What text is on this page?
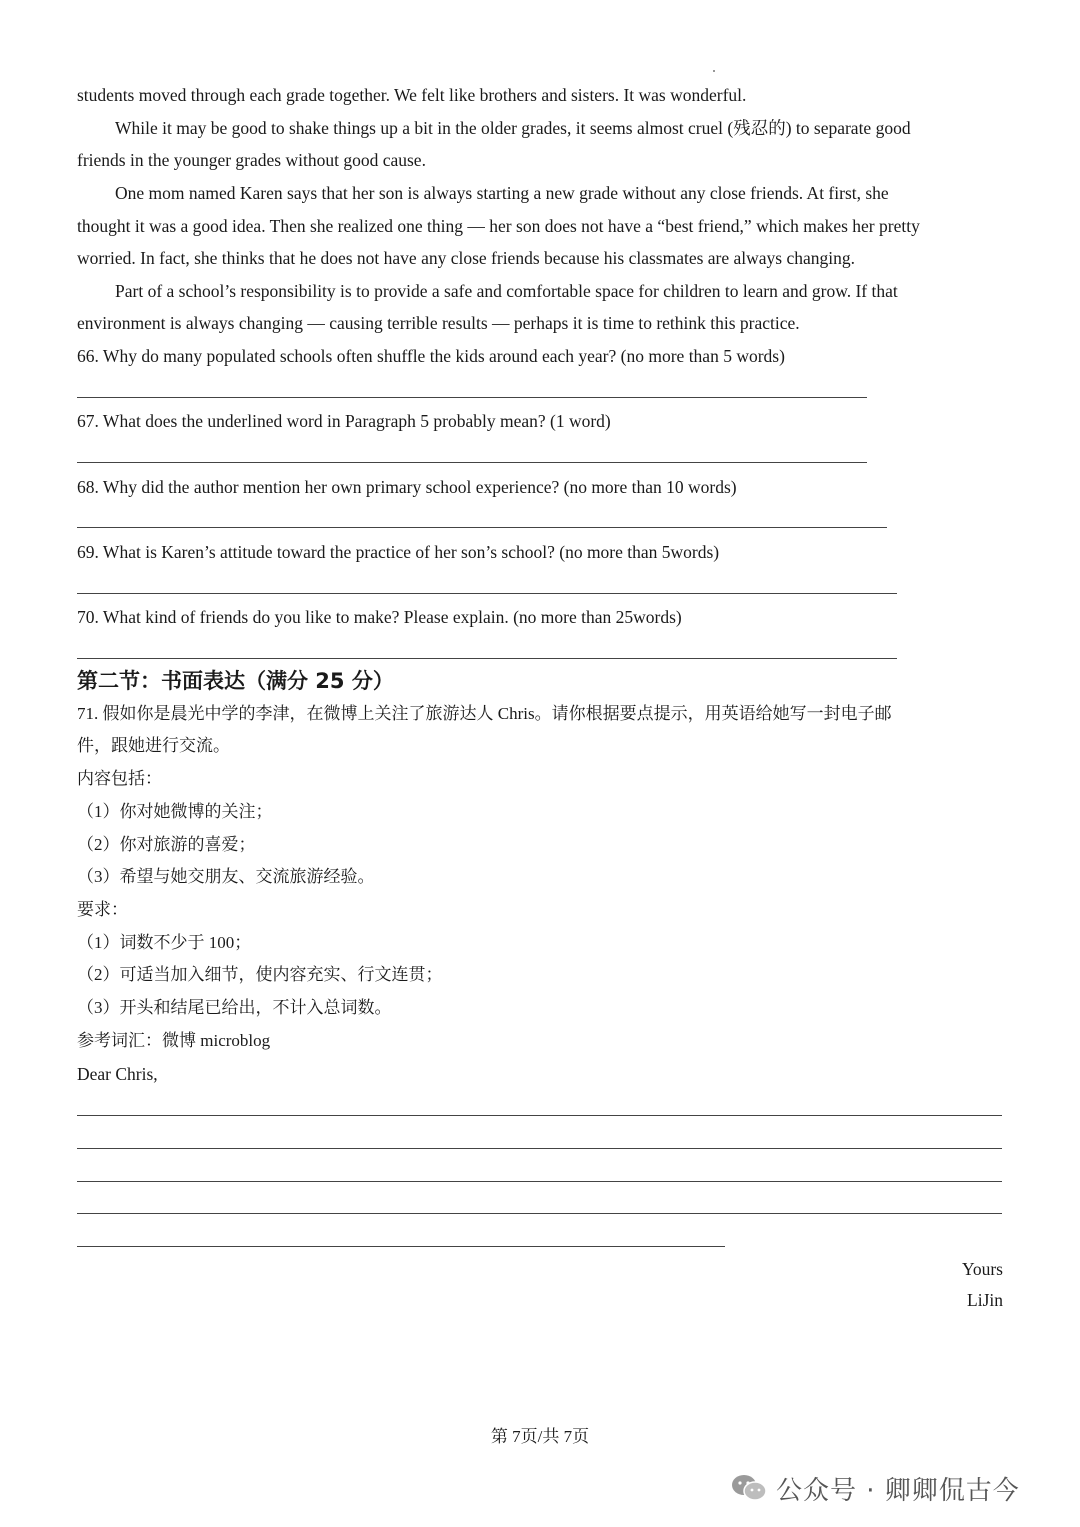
students moved through each grade together. We felt like brothers and sisters. It was wonderful.
While it may be good to shake things up a bit in the older grades, it seems almost cruel (残忍的) to separate good
friends in the younger grades without good cause.
One mom named Karen says that her son is always starting a new grade without any close friends. At first, she
thought it was a good idea. Then she realized one thing — her son does not have a “best friend,” which makes her pretty
worried. In fact, she thinks that he does not have any close friends because his classmates are always changing.
Part of a school’s responsibility is to provide a safe and comfortable space for children to learn and grow. If that
environment is always changing — causing terrible results — perhaps it is time to rethink this practice.
66. Why do many populated schools often shuffle the kids around each year? (no more than 5 words)
67. What does the underlined word in Paragraph 5 probably mean? (1 word)
68. Why did the author mention her own primary school experience? (no more than 10 words)
69. What is Karen’s attitude toward the practice of her son’s school? (no more than 5words)
70. What kind of friends do you like to make? Please explain. (no more than 25words)
第二节：书面表达（满分 25 分）
71. 假如你是晨光中学的李津，在微博上关注了旅游达人 Chris。请你根据要点提示，用英语给她写一封电子邮
件，跟她进行交流。
内容包括：
（1）你对她微博的关注；
（2）你对旅游的喜爱；
（3）希望与她交朋友、交流旅游经验。
要求：
（1）词数不少于 100；
（2）可适当加入细节，使内容充实、行文连贯；
（3）开头和结尾已给出，不计入总词数。
参考词汇：微博 microblog
Dear Chris,
Yours
LiJin
第 7页/共 7页
公众号 · 卿卿侃古今
